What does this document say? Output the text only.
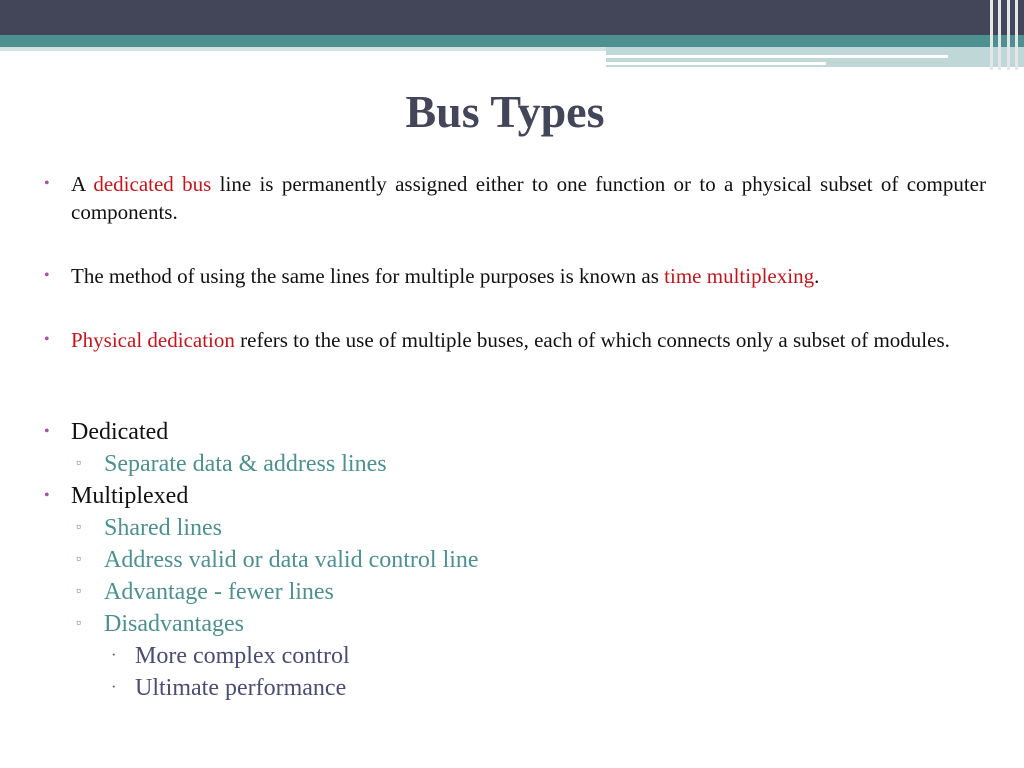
Bus Types
• A dedicated bus line is permanently assigned either to one function or to a physical subset of computer components.
• The method of using the same lines for multiple purposes is known as time multiplexing.
• Physical dedication refers to the use of multiple buses, each of which connects only a subset of modules.
• Dedicated
▫ Separate data & address lines
• Multiplexed
▫ Shared lines
▫ Address valid or data valid control line
▫ Advantage - fewer lines
▫ Disadvantages
· More complex control
· Ultimate performance
